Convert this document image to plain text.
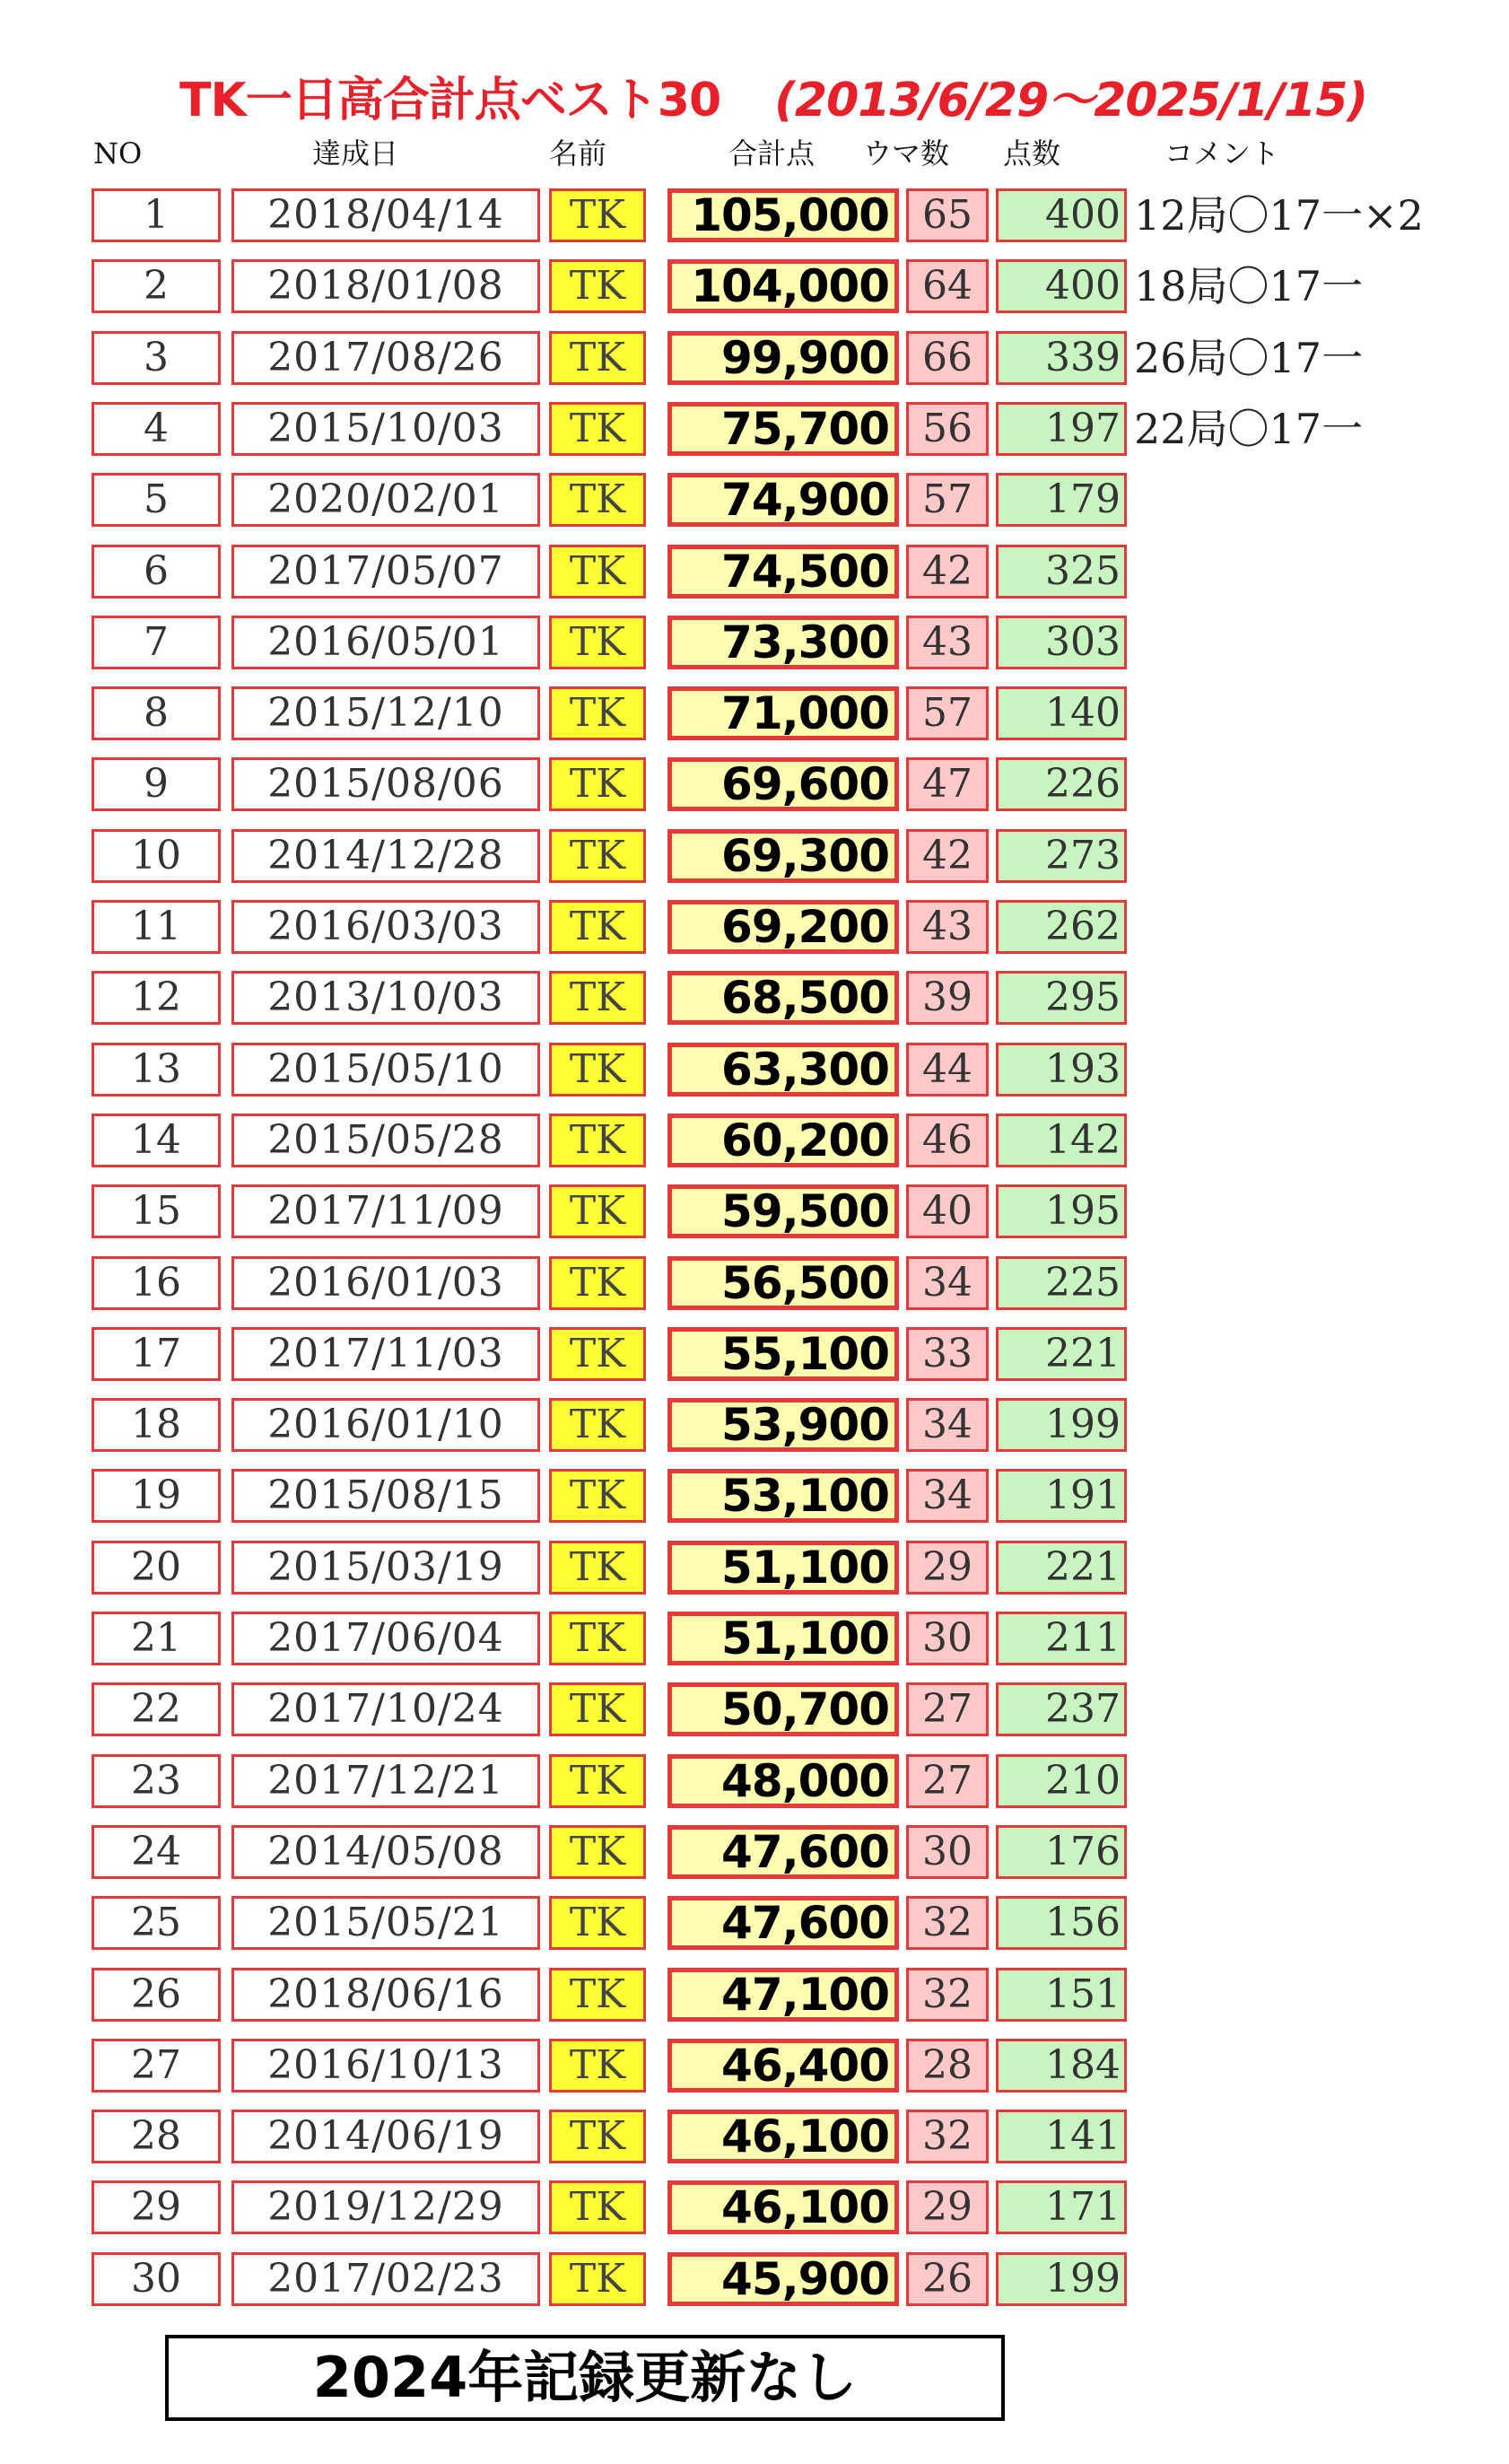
TK一日高合計点ベスト30 (2013/6/29～2025/1/15)
NO	達成日	名前	合計点 ウマ数 点数	コメント
1	2018/04/14	TK	105,000 65	400 12局〇17一×2
2	2018/01/08	TK	104,000 64	400 18局〇17一
3	2017/08/26	TK	99,900 66	339 26局〇17一
4	2015/10/03	TK	75,700 56	197 22局〇17一
5	2020/02/01	TK	74,900 57	179
6	2017/05/07	TK	74,500 42	325
7	2016/05/01	TK	73,300 43	303
8	2015/12/10	TK	71,000 57	140
9	2015/08/06	TK	69,600 47	226
10	2014/12/28	TK	69,300 42	273
11	2016/03/03	TK	69,200 43	262
12	2013/10/03	TK	68,500 39	295
13	2015/05/10	TK	63,300 44	193
14	2015/05/28	TK	60,200 46	142
15	2017/11/09	TK	59,500 40	195
16	2016/01/03	TK	56,500 34	225
17	2017/11/03	TK	55,100 33	221
18	2016/01/10	TK	53,900 34	199
19	2015/08/15	TK	53,100 34	191
20	2015/03/19	TK	51,100 29	221
21	2017/06/04	TK	51,100 30	211
22	2017/10/24	TK	50,700 27	237
23	2017/12/21	TK	48,000 27	210
24	2014/05/08	TK	47,600 30	176
25	2015/05/21	TK	47,600 32	156
26	2018/06/16	TK	47,100 32	151
27	2016/10/13	TK	46,400 28	184
28	2014/06/19	TK	46,100 32	141
29	2019/12/29	TK	46,100 29	171
30	2017/02/23	TK	45,900 26	199
2024年記録更新なし
